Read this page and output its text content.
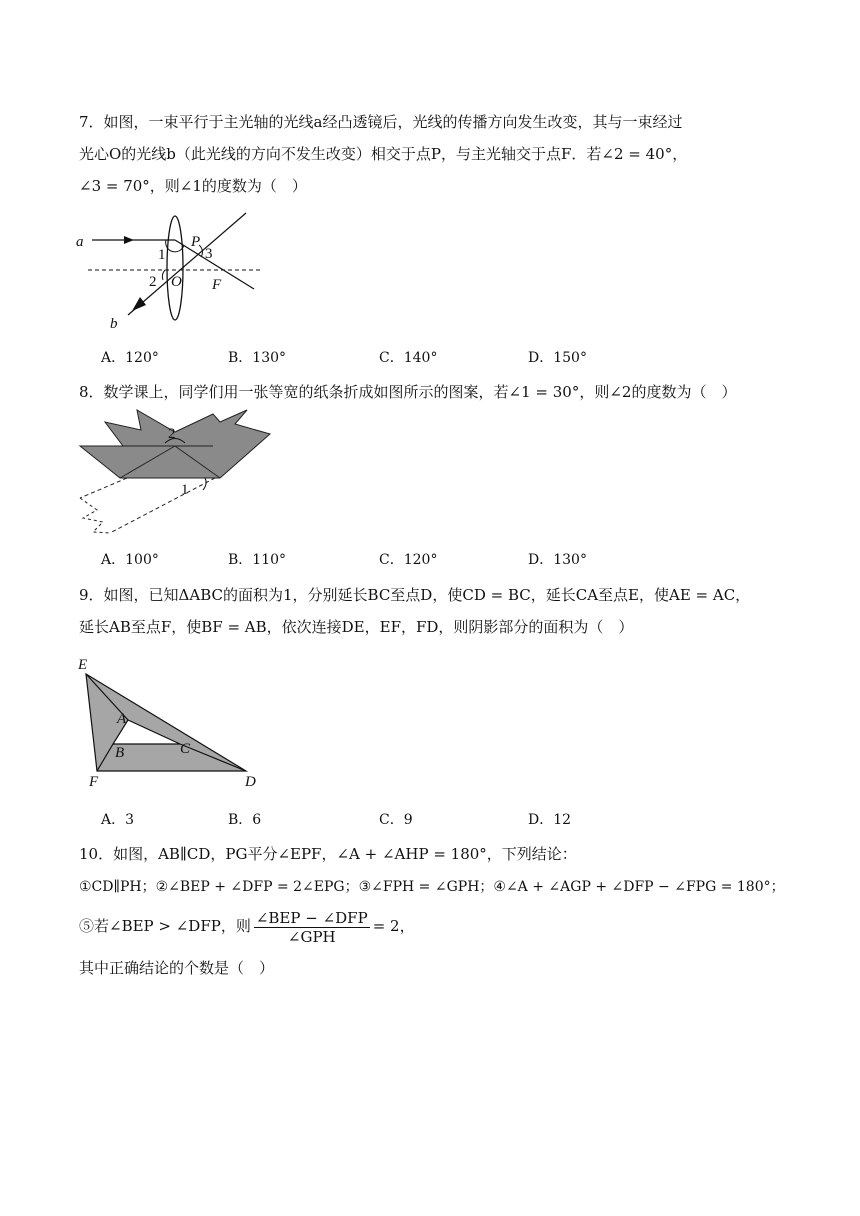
7．如图，一束平行于主光轴的光线a经凸透镜后，光线的传播方向发生改变，其与一束经过
光心O的光线b（此光线的方向不发生改变）相交于点P，与主光轴交于点F．若∠2 = 40°，
∠3 = 70°，则∠1的度数为（　）
a
b
P
O F
1
2
3
A．120°	B．130°	C．140°	D．150°
8．数学课上，同学们用一张等宽的纸条折成如图所示的图案，若∠1 = 30°，则∠2的度数为（　）
2
1
A．100°	B．110°	C．120°	D．130°
9．如图，已知ΔABC的面积为1，分别延长BC至点D，使CD = BC，延长CA至点E，使AE = AC，
延长AB至点F，使BF = AB，依次连接DE，EF，FD，则阴影部分的面积为（　）
E
A
B	C
F	D
A．3	B．6	C．9	D．12
10．如图，AB∥CD，PG平分∠EPF，∠A + ∠AHP = 180°，下列结论：
①CD∥PH；②∠BEP + ∠DFP = 2∠EPG；③∠FPH = ∠GPH；④∠A + ∠AGP + ∠DFP − ∠FPG = 180°；
⑤若∠BEP > ∠DFP，则 $\frac{\text{∠BEP − ∠DFP}}{\text{∠GPH}} = 2$，
其中正确结论的个数是（　）
